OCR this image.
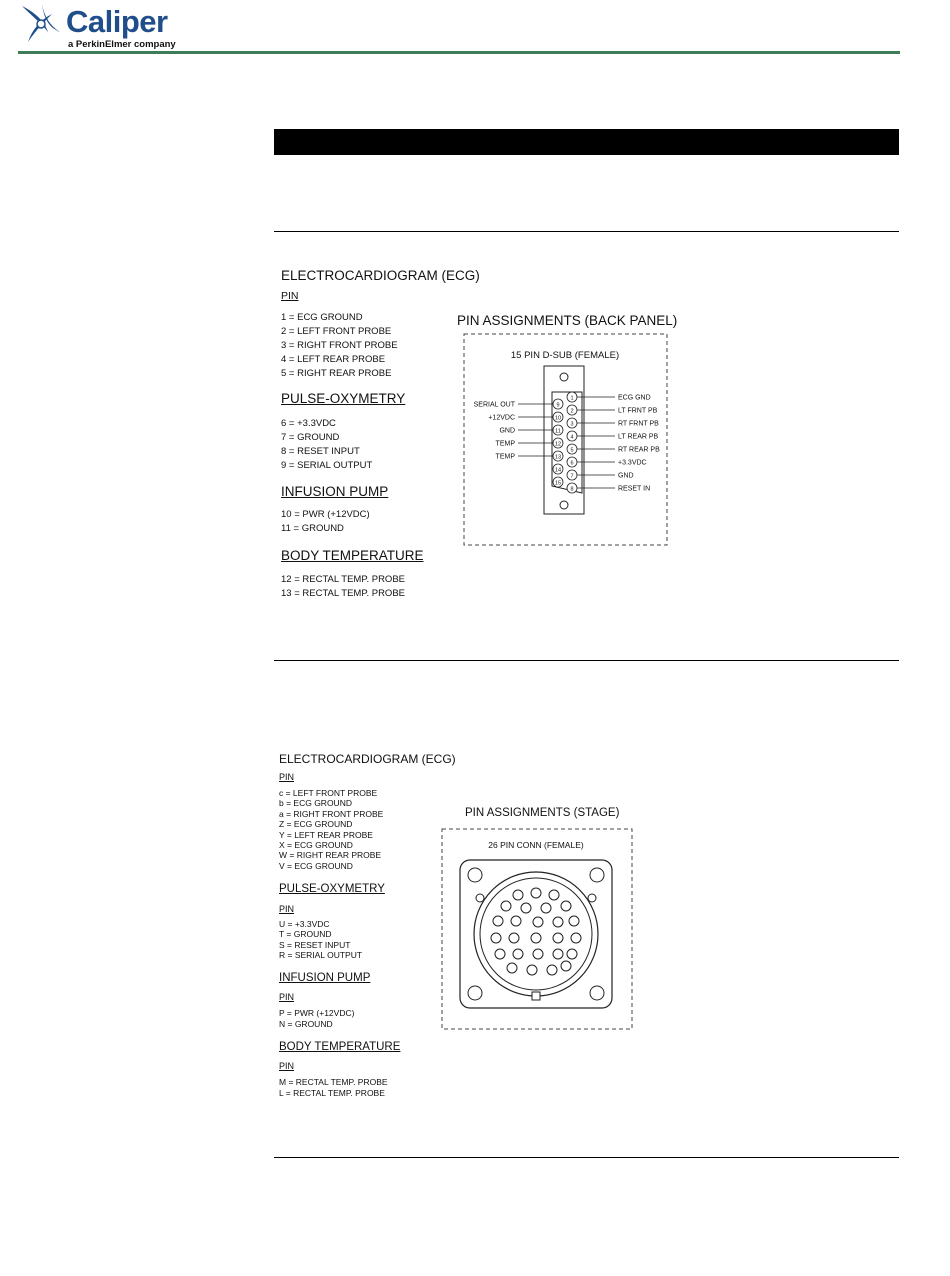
Caliper
a PerkinElmer company
ELECTROCARDIOGRAM (ECG)
PIN
1 = ECG GROUND
2 = LEFT FRONT PROBE
3 = RIGHT FRONT PROBE
4 = LEFT REAR PROBE
5 = RIGHT REAR PROBE
PULSE-OXYMETRY
6 = +3.3VDC
7 = GROUND
8 = RESET INPUT
9 = SERIAL OUTPUT
INFUSION PUMP
10 = PWR (+12VDC)
11 = GROUND
BODY TEMPERATURE
12 = RECTAL TEMP. PROBE
13 = RECTAL TEMP. PROBE
PIN ASSIGNMENTS (BACK PANEL)
15 PIN D-SUB (FEMALE)
1	ECG GND
2	LT FRNT PB
3	RT FRNT PB
4	LT REAR PB
5	RT REAR PB
6	+3.3VDC
7	GND
8	RESET IN
9
SERIAL OUT
10
+12VDC
11
GND
12
TEMP
13
TEMP
14
15
ELECTROCARDIOGRAM (ECG)
PIN
c = LEFT FRONT PROBE
b = ECG GROUND
a = RIGHT FRONT PROBE
Z = ECG GROUND
Y = LEFT REAR PROBE
X = ECG GROUND
W = RIGHT REAR PROBE
V = ECG GROUND
PULSE-OXYMETRY
PIN
U = +3.3VDC
T = GROUND
S = RESET INPUT
R = SERIAL OUTPUT
INFUSION PUMP
PIN
P = PWR (+12VDC)
N = GROUND
BODY TEMPERATURE
PIN
M = RECTAL TEMP. PROBE
L = RECTAL TEMP. PROBE
PIN ASSIGNMENTS (STAGE)
26 PIN CONN (FEMALE)
